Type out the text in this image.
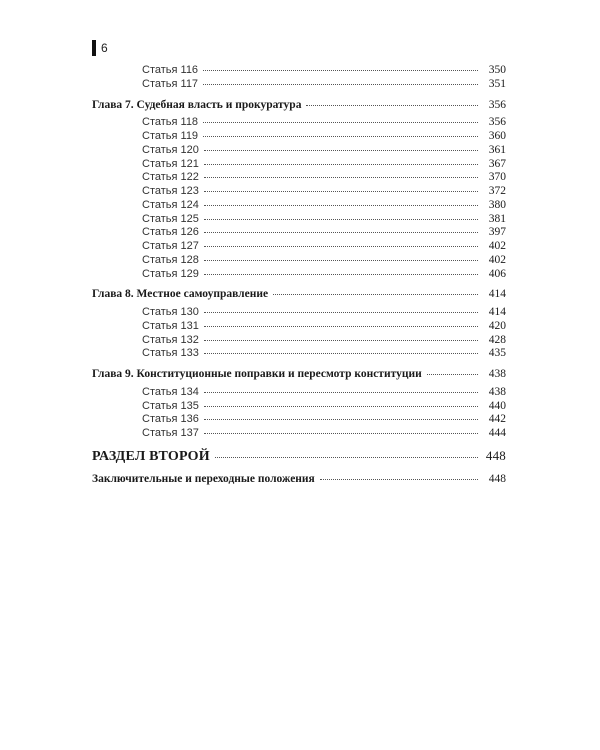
6
Статья 116	350
Статья 117	351
Глава 7. Судебная власть и прокуратура	356
Статья 118	356
Статья 119	360
Статья 120	361
Статья 121	367
Статья 122	370
Статья 123	372
Статья 124	380
Статья 125	381
Статья 126	397
Статья 127	402
Статья 128	402
Статья 129	406
Глава 8. Местное самоуправление	414
Статья 130	414
Статья 131	420
Статья 132	428
Статья 133	435
Глава 9. Конституционные поправки и пересмотр конституции	438
Статья 134	438
Статья 135	440
Статья 136	442
Статья 137	444
РАЗДЕЛ ВТОРОЙ	448
Заключительные и переходные положения	448
